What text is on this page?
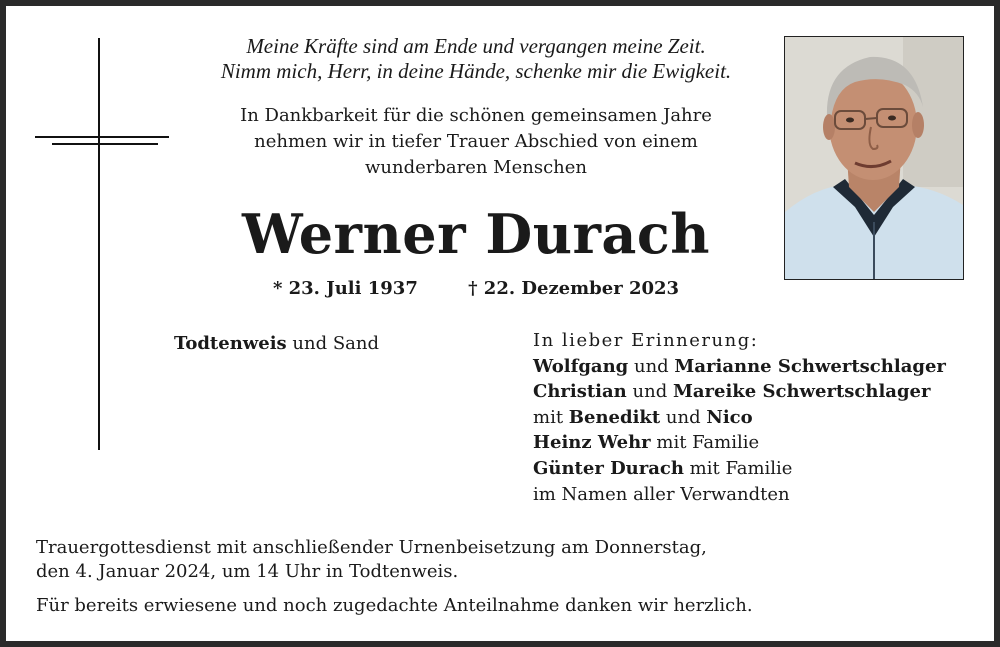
Meine Kräfte sind am Ende und vergangen meine Zeit.
Nimm mich, Herr, in deine Hände, schenke mir die Ewigkeit.
In Dankbarkeit für die schönen gemeinsamen Jahre
nehmen wir in tiefer Trauer Abschied von einem
wunderbaren Menschen
Werner Durach
* 23. Juli 1937	† 22. Dezember 2023
Todtenweis und Sand	In lieber Erinnerung:
Wolfgang und Marianne Schwertschlager
Christian und Mareike Schwertschlager
mit Benedikt und Nico
Heinz Wehr mit Familie
Günter Durach mit Familie
im Namen aller Verwandten
Trauergottesdienst mit anschließender Urnenbeisetzung am Donnerstag,
den 4. Januar 2024, um 14 Uhr in Todtenweis.
Für bereits erwiesene und noch zugedachte Anteilnahme danken wir herzlich.
